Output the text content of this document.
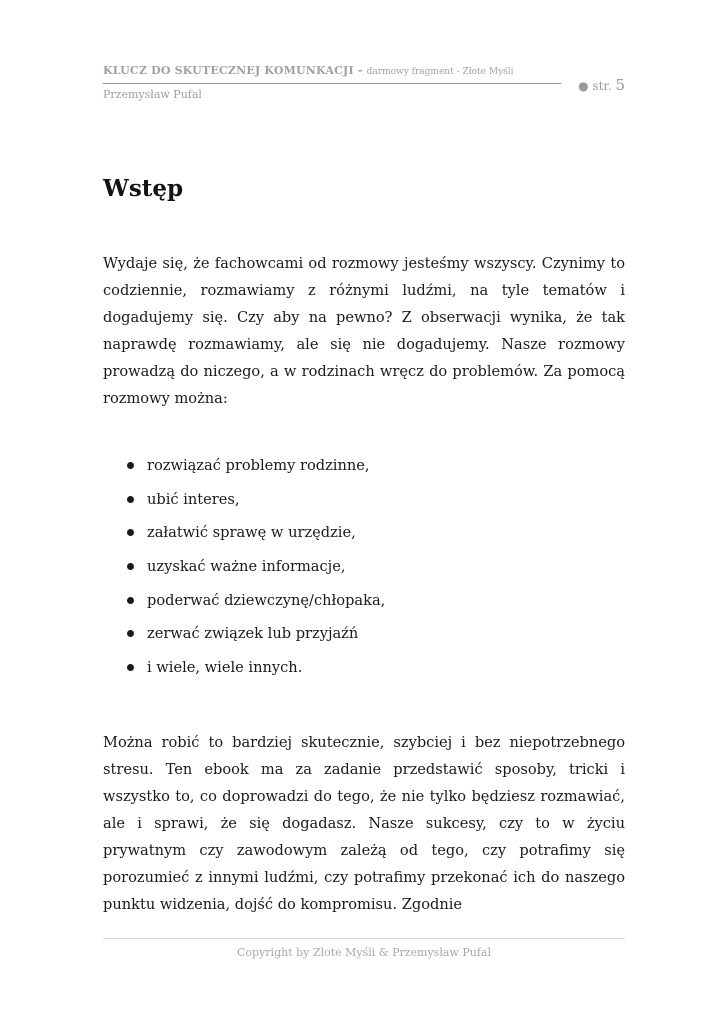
KLUCZ DO SKUTECZNEJ KOMUNKACJI - darmowy fragment - Złote Myśli
Przemysław Pufal
● str. 5
Wstęp

Wydaje się, że fachowcami od rozmowy jesteśmy wszyscy. Czynimy to codziennie, rozmawiamy z różnymi ludźmi, na tyle tematów i dogadujemy się. Czy aby na pewno? Z obserwacji wynika, że tak naprawdę rozmawiamy, ale się nie dogadujemy. Nasze rozmowy prowadzą do niczego, a w rodzinach wręcz do problemów. Za pomocą rozmowy można:

rozwiązać problemy rodzinne,
ubić interes,
załatwić sprawę w urzędzie,
uzyskać ważne informacje,
poderwać dziewczynę/chłopaka,
zerwać związek lub przyjaźń
i wiele, wiele innych.

Można robić to bardziej skutecznie, szybciej i bez niepotrzebnego stresu. Ten ebook ma za zadanie przedstawić sposoby, tricki i wszystko to, co doprowadzi do tego, że nie tylko będziesz rozmawiać, ale i sprawi, że się dogadasz. Nasze sukcesy, czy to w życiu prywatnym czy zawodowym zależą od tego, czy potrafimy się porozumieć z innymi ludźmi, czy potrafimy przekonać ich do naszego punktu widzenia, dojść do kompromisu. Zgodnie

Copyright by Złote Myśli & Przemysław Pufal
